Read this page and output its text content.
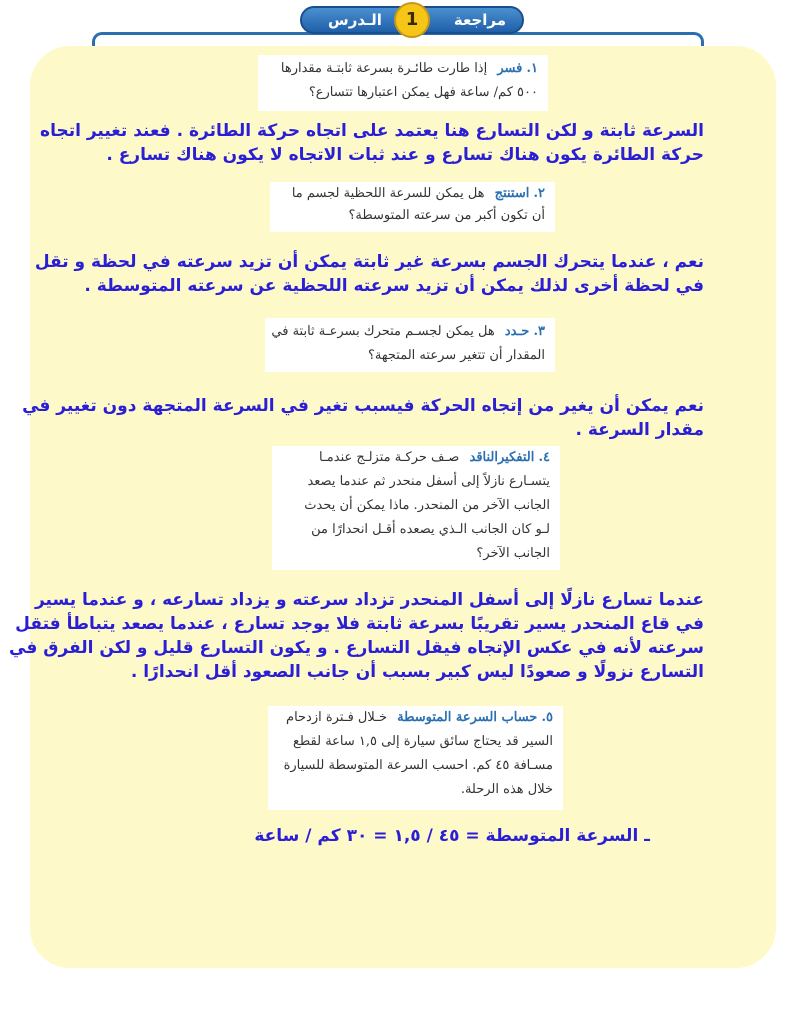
مراجعة
1
الـدرس
١. فسر إذا طارت طائـرة بسرعة ثابتـة مقدارها
٥٠٠ كم/ ساعة فهل يمكن اعتبارها تتسارع؟
السرعة ثابتة و لكن التسارع هنا يعتمد على اتجاه حركة الطائرة . فعند تغيير اتجاه
حركة الطائرة يكون هناك تسارع و عند ثبات الاتجاه لا يكون هناك تسارع .
٢. استنتج هل يمكن للسرعة اللحظية لجسم ما
أن تكون أكبر من سرعته المتوسطة؟
نعم ، عندما يتحرك الجسم بسرعة غير ثابتة يمكن أن تزيد سرعته في لحظة و تقل
في لحظة أخرى لذلك يمكن أن تزيد سرعته اللحظية عن سرعته المتوسطة .
٣. حـدد هل يمكن لجسـم متحرك بسرعـة ثابتة في
المقدار أن تتغير سرعته المتجهة؟
نعم يمكن أن يغير من إتجاه الحركة فيسبب تغير في السرعة المتجهة دون تغيير في
مقدار السرعة .
٤. التفكيرالناقد صـف حركـة متزلـج عندمـا
يتسـارع نازلاً إلى أسفل منحدر ثم عندما يصعد
الجانب الآخر من المنحدر. ماذا يمكن أن يحدث
لـو كان الجانب الـذي يصعده أقـل انحدارًا من
الجانب الآخر؟
عندما تسارع نازلًا إلى أسفل المنحدر تزداد سرعته و يزداد تسارعه ، و عندما يسير
في قاع المنحدر يسير تقريبًا بسرعة ثابتة فلا يوجد تسارع ، عندما يصعد يتباطأ فتقل
سرعته لأنه في عكس الإتجاه فيقل التسارع . و يكون التسارع قليل و لكن الفرق في
التسارع نزولًا و صعودًا ليس كبير بسبب أن جانب الصعود أقل انحدارًا .
٥. حساب السرعة المتوسطة خـلال فـترة ازدحام
السير قد يحتاج سائق سيارة إلى ١,٥ ساعة لقطع
مسـافة ٤٥ كم. احسب السرعة المتوسطة للسيارة
خلال هذه الرحلة.
ـ السرعة المتوسطة = ٤٥ / ١,٥ = ٣٠ كم / ساعة
